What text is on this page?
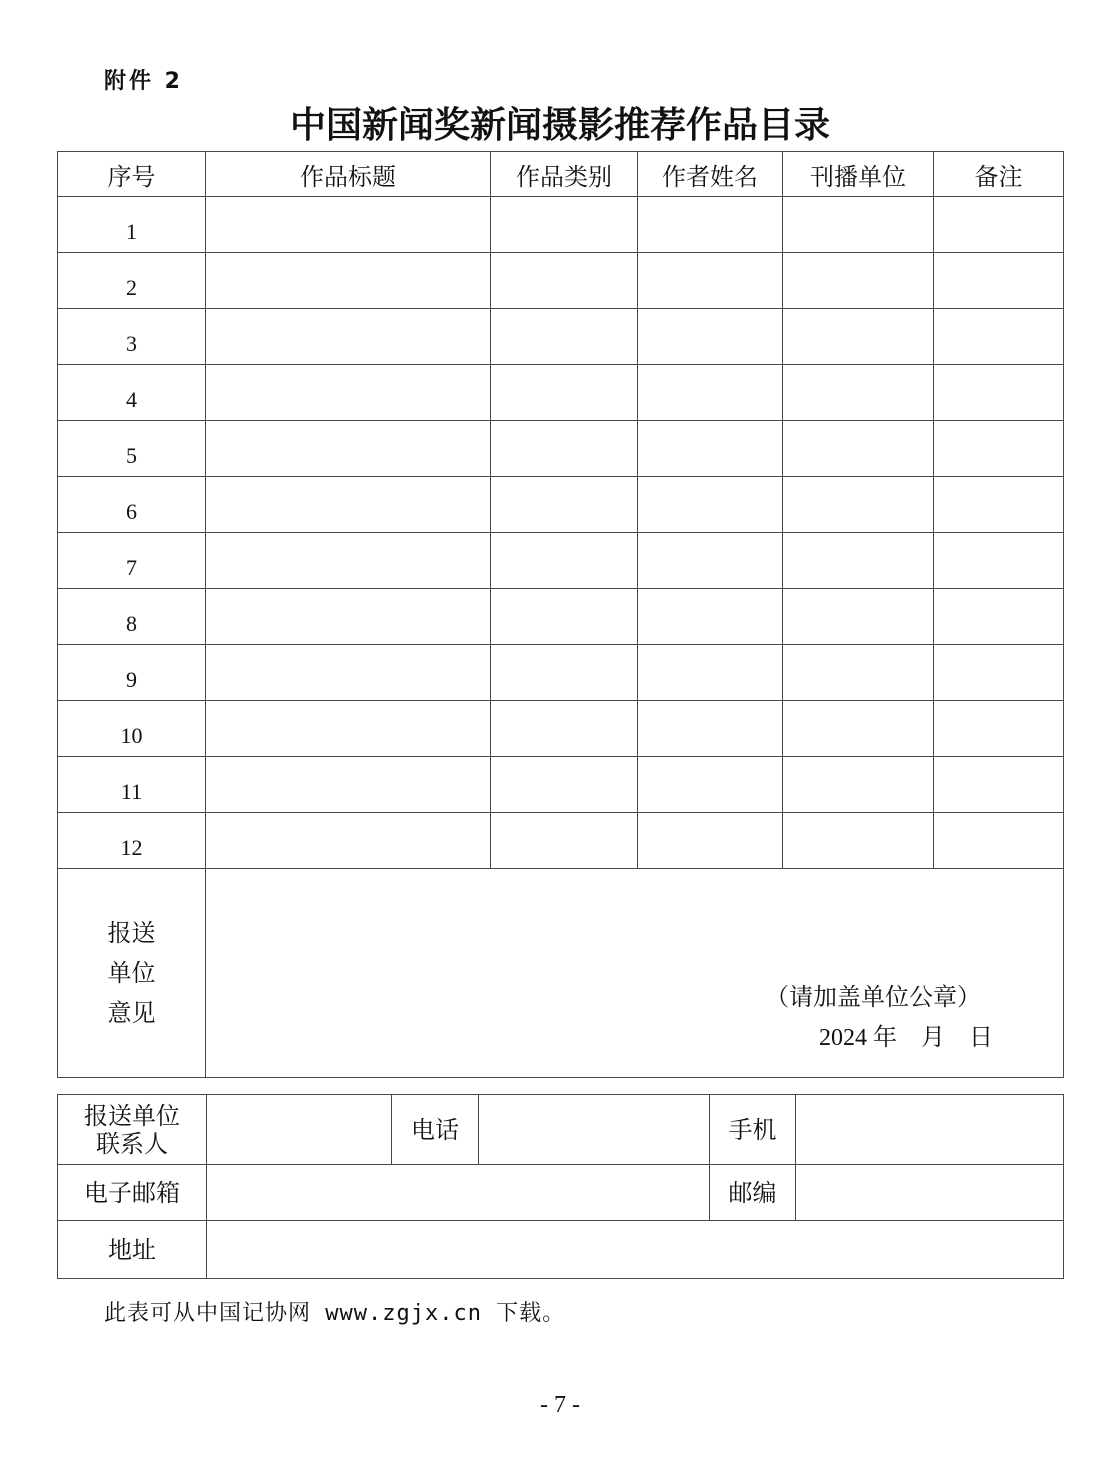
附件 2
中国新闻奖新闻摄影推荐作品目录
序号	作品标题	作品类别	作者姓名	刊播单位	备注
1					
2					
3					
4					
5					
6					
7					
8					
9					
10					
11					
12					

报送
单位
意见

（请加盖单位公章）
2024 年    月    日
报送单位
联系人		电话		手机	
电子邮箱				邮编	
地址					
此表可从中国记协网 www.zgjx.cn 下载。
- 7 -
